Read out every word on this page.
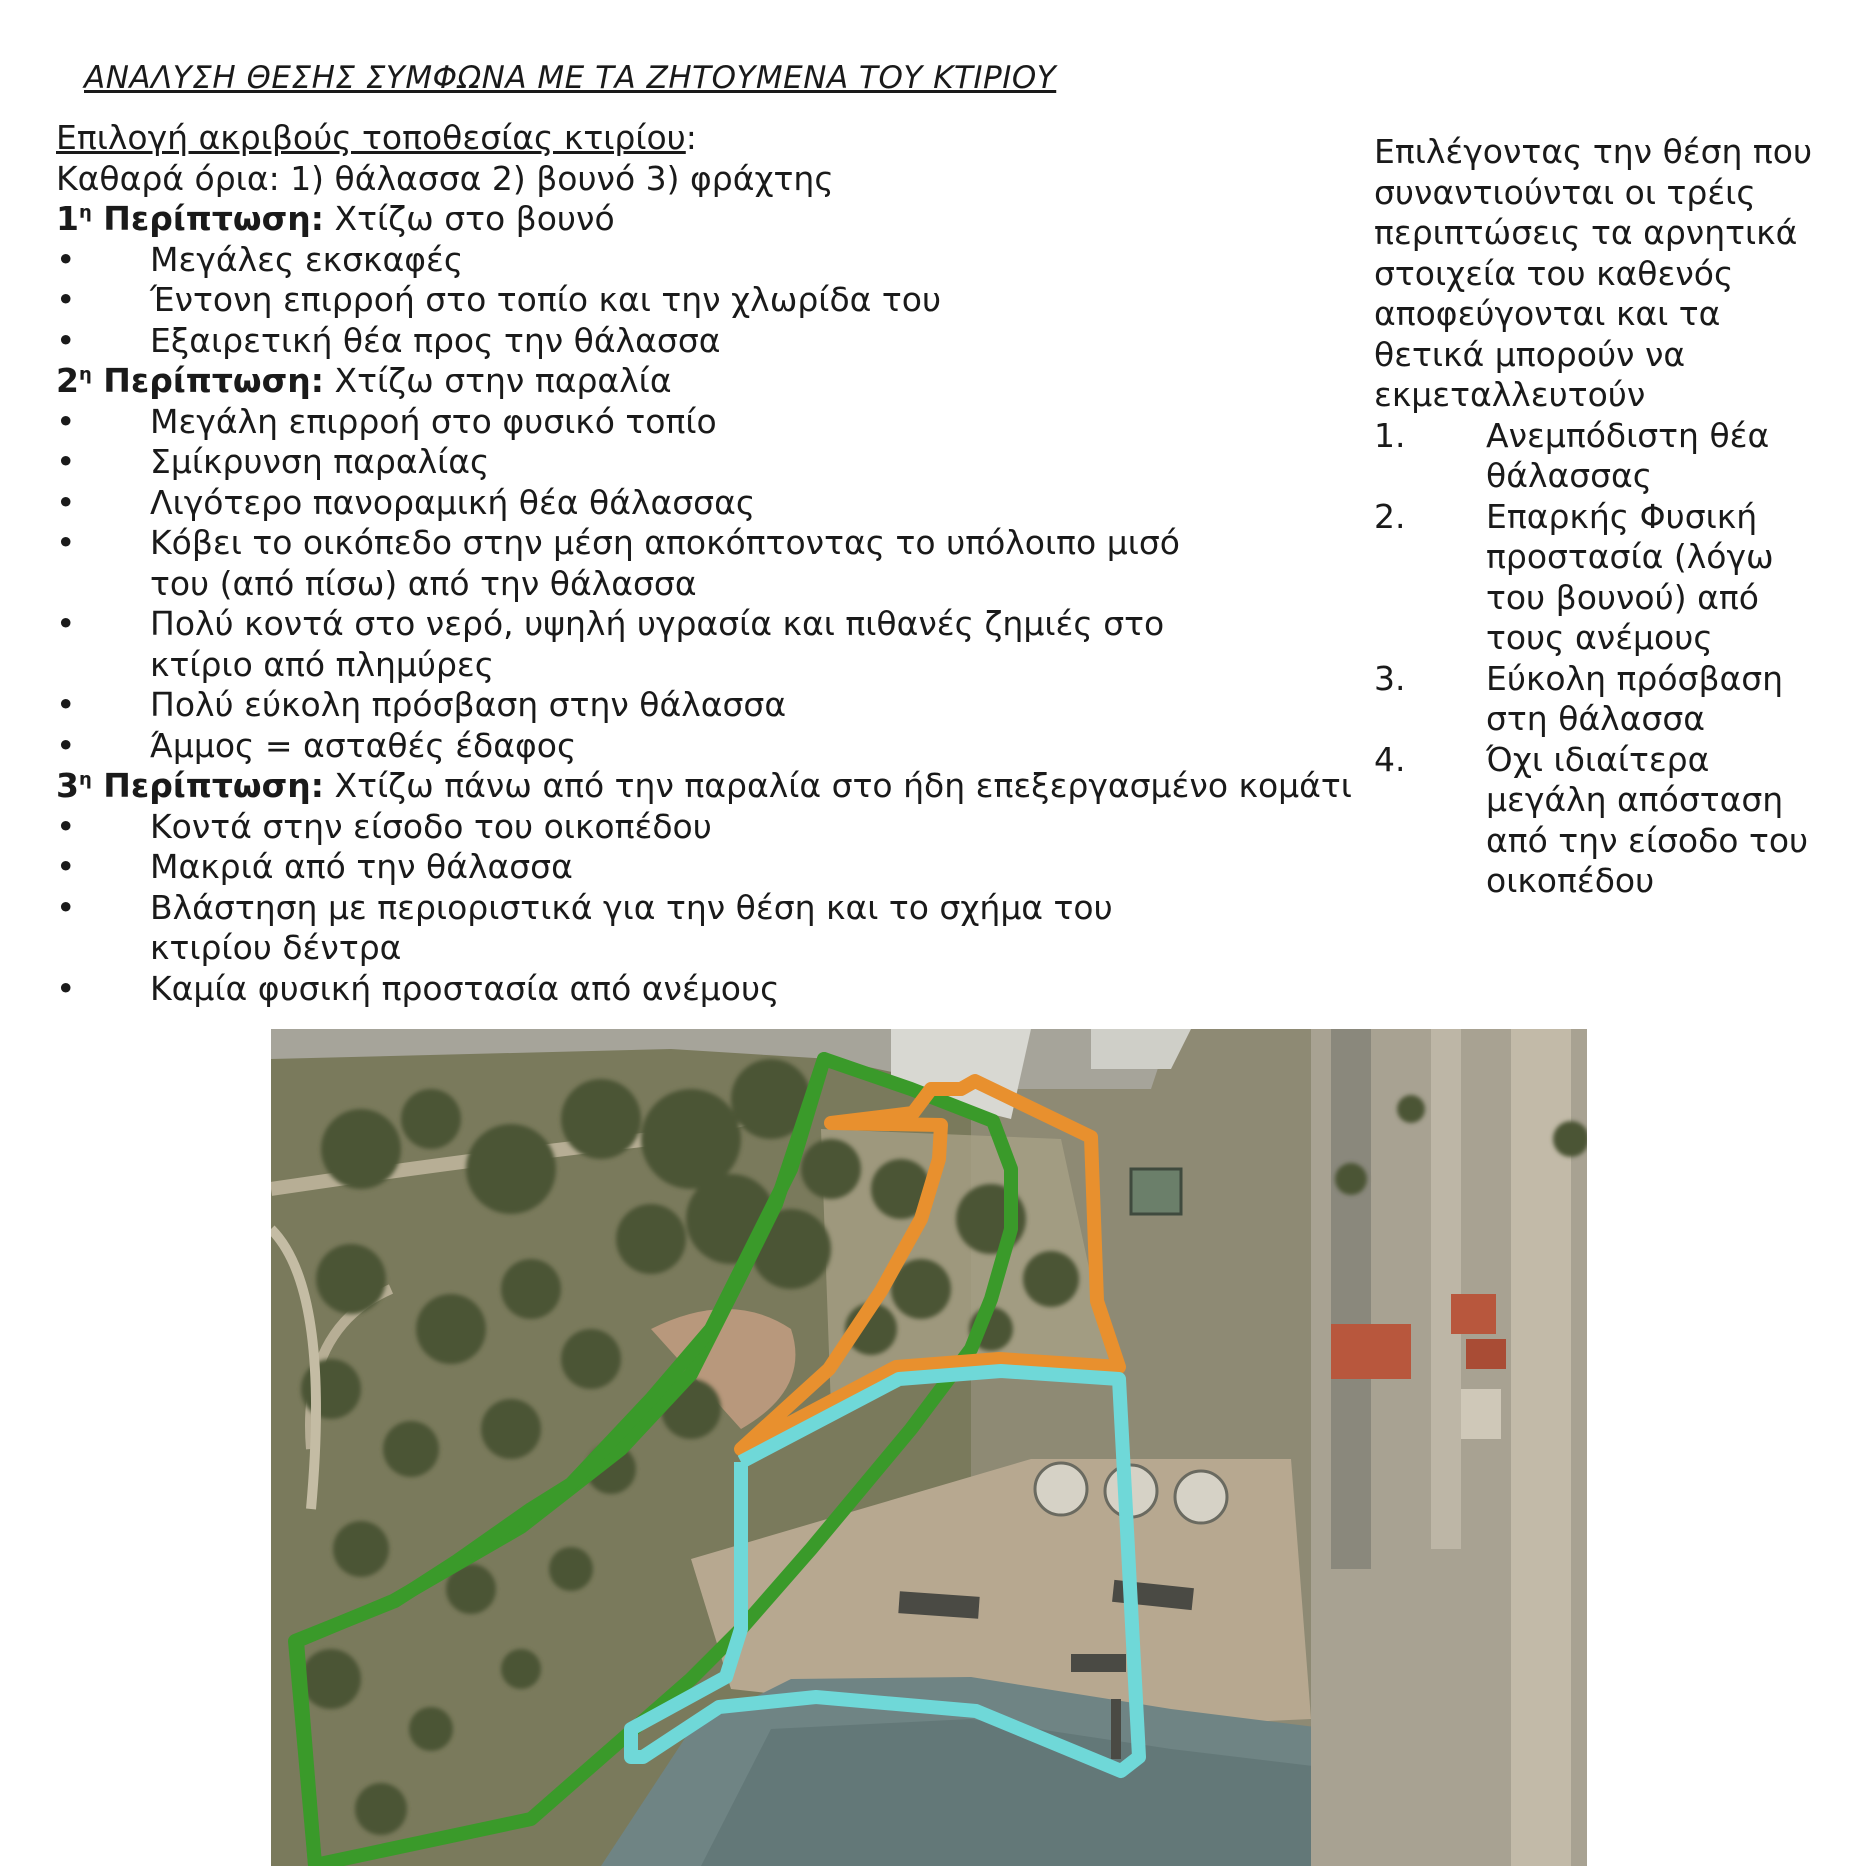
ΑΝΑΛΥΣΗ ΘΕΣΗΣ ΣΥΜΦΩΝΑ ΜΕ ΤΑ ΖΗΤΟΥΜΕΝΑ ΤΟΥ ΚΤΙΡΙΟΥ
Επιλογή ακριβούς τοποθεσίας κτιρίου:
Καθαρά όρια: 1) θάλασσα 2) βουνό 3) φράχτης
$1^\eta$ Περίπτωση: Χτίζω στο βουνό
•	Μεγάλες εκσκαφές
•	Έντονη επιρροή στο τοπίο και την χλωρίδα του
•	Εξαιρετική θέα προς την θάλασσα
$2^\eta$ Περίπτωση: Χτίζω στην παραλία
•	Μεγάλη επιρροή στο φυσικό τοπίο
•	Σμίκρυνση παραλίας
•	Λιγότερο πανοραμική θέα θάλασσας
•	Κόβει το οικόπεδο στην μέση αποκόπτοντας το υπόλοιπο μισό του (από πίσω) από την θάλασσα
•	Πολύ κοντά στο νερό, υψηλή υγρασία και πιθανές ζημιές στο κτίριο από πλημύρες
•	Πολύ εύκολη πρόσβαση στην θάλασσα
•	Άμμος = ασταθές έδαφος
$3^\eta$ Περίπτωση: Χτίζω πάνω από την παραλία στο ήδη επεξεργασμένο κομάτι
•	Κοντά στην είσοδο του οικοπέδου
•	Μακριά από την θάλασσα
•	Βλάστηση με περιοριστικά για την θέση και το σχήμα του κτιρίου δέντρα
•	Καμία φυσική προστασία από ανέμους
Επιλέγοντας την θέση που συναντιούνται οι τρέις περιπτώσεις τα αρνητικά στοιχεία του καθενός αποφεύγονται και τα θετικά μπορούν να εκμεταλλευτούν
1.	Ανεμπόδιστη θέα θάλασσας
2.	Επαρκής Φυσική προστασία (λόγω του βουνού) από τους ανέμους
3.	Εύκολη πρόσβαση στη θάλασσα
4.	Όχι ιδιαίτερα μεγάλη απόσταση από την είσοδο του οικοπέδου
